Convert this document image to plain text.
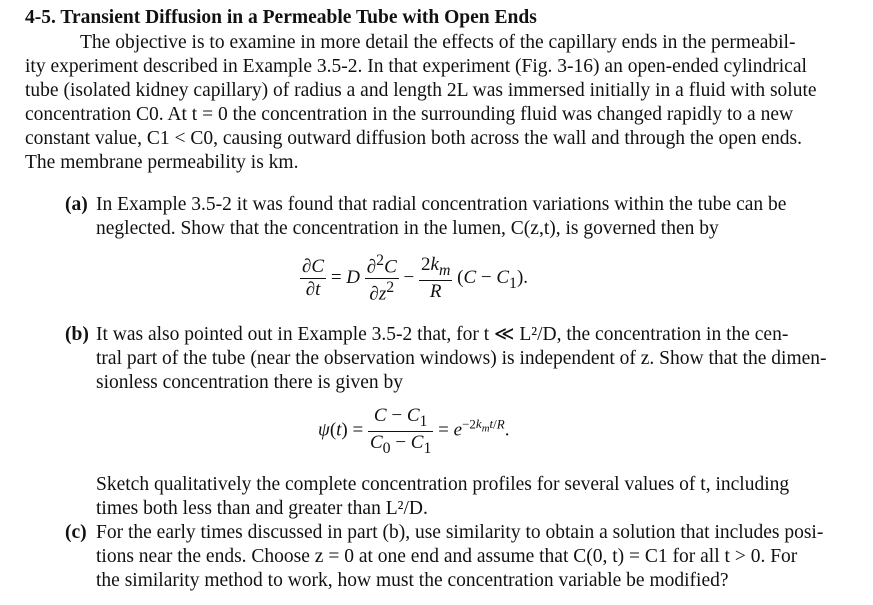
4-5. Transient Diffusion in a Permeable Tube with Open Ends
The objective is to examine in more detail the effects of the capillary ends in the permeabil-
ity experiment described in Example 3.5-2. In that experiment (Fig. 3-16) an open-ended cylindrical
tube (isolated kidney capillary) of radius a and length 2L was immersed initially in a fluid with solute
concentration C0. At t = 0 the concentration in the surrounding fluid was changed rapidly to a new
constant value, C1 < C0, causing outward diffusion both across the wall and through the open ends.
The membrane permeability is km.
(a) In Example 3.5-2 it was found that radial concentration variations within the tube can be
neglected. Show that the concentration in the lumen, C(z,t), is governed then by
$\frac{\partial C}{\partial t} = D \frac{\partial^2C}{\partial z^2} - \frac{2k_m}{R} (C - C_1)$.
(b) It was also pointed out in Example 3.5-2 that, for t ≪ L²/D, the concentration in the cen-
tral part of the tube (near the observation windows) is independent of z. Show that the dimen-
sionless concentration there is given by
$\psi(t) = \frac{C - C_1}{C_0 - C_1} = e^{-2k_mt/R}$.
Sketch qualitatively the complete concentration profiles for several values of t, including
times both less than and greater than L²/D.
(c) For the early times discussed in part (b), use similarity to obtain a solution that includes posi-
tions near the ends. Choose z = 0 at one end and assume that C(0, t) = C1 for all t > 0. For
the similarity method to work, how must the concentration variable be modified?
